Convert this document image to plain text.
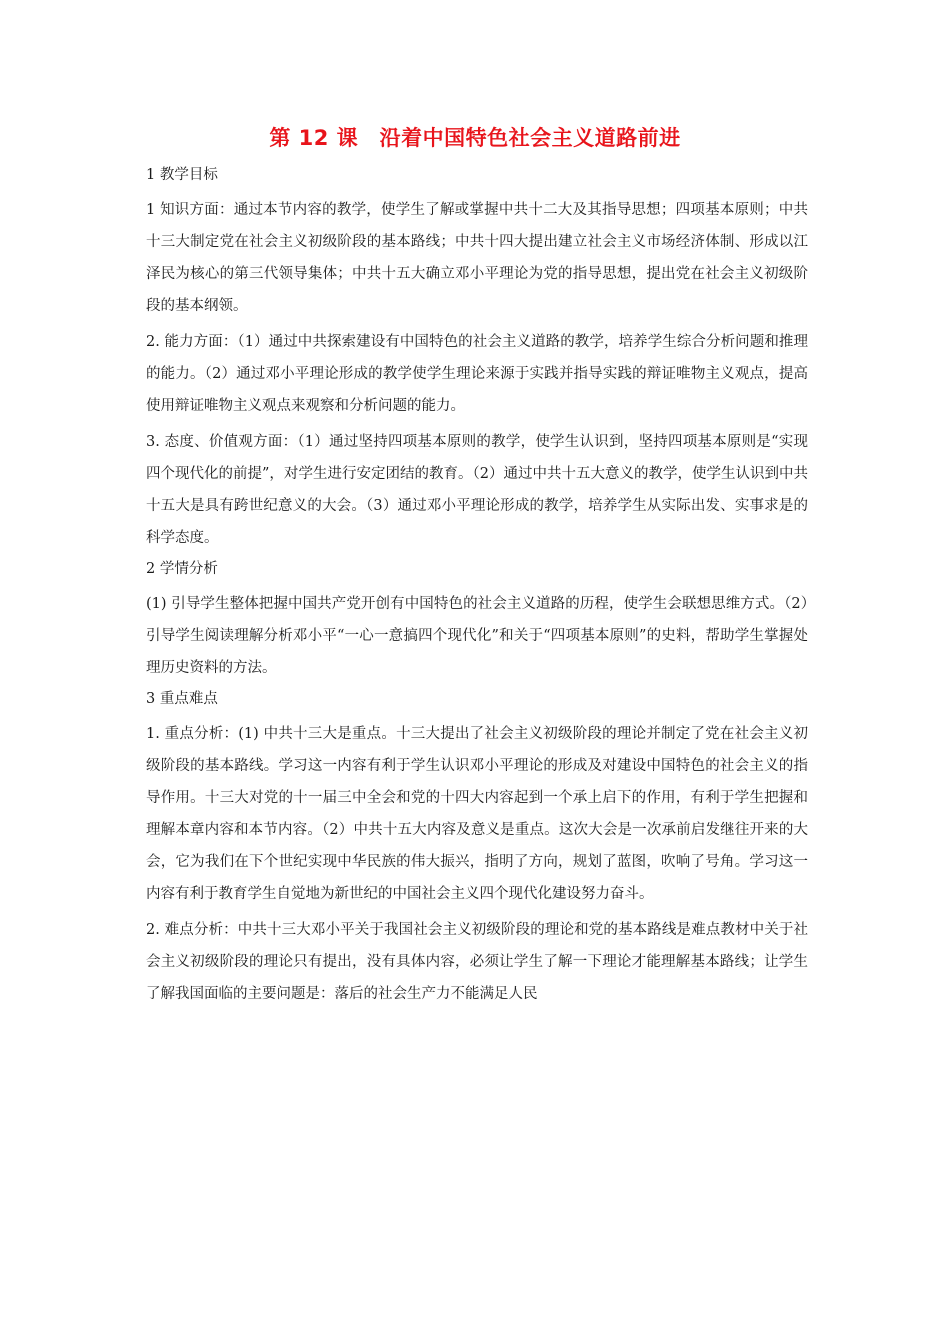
第 12 课　沿着中国特色社会主义道路前进
1 教学目标

1 知识方面：通过本节内容的教学，使学生了解或掌握中共十二大及其指导思想；四项基本原则；中共十三大制定党在社会主义初级阶段的基本路线；中共十四大提出建立社会主义市场经济体制、形成以江泽民为核心的第三代领导集体；中共十五大确立邓小平理论为党的指导思想，提出党在社会主义初级阶段的基本纲领。

2. 能力方面：（1）通过中共探索建设有中国特色的社会主义道路的教学，培养学生综合分析问题和推理的能力。（2）通过邓小平理论形成的教学使学生理论来源于实践并指导实践的辩证唯物主义观点，提高使用辩证唯物主义观点来观察和分析问题的能力。

3. 态度、价值观方面：（1）通过坚持四项基本原则的教学，使学生认识到，坚持四项基本原则是“实现四个现代化的前提”，对学生进行安定团结的教育。（2）通过中共十五大意义的教学，使学生认识到中共十五大是具有跨世纪意义的大会。（3）通过邓小平理论形成的教学，培养学生从实际出发、实事求是的科学态度。

2 学情分析

(1) 引导学生整体把握中国共产党开创有中国特色的社会主义道路的历程，使学生会联想思维方式。（2）引导学生阅读理解分析邓小平“一心一意搞四个现代化”和关于“四项基本原则”的史料，帮助学生掌握处理历史资料的方法。

3 重点难点

1. 重点分析：(1) 中共十三大是重点。十三大提出了社会主义初级阶段的理论并制定了党在社会主义初级阶段的基本路线。学习这一内容有利于学生认识邓小平理论的形成及对建设中国特色的社会主义的指导作用。十三大对党的十一届三中全会和党的十四大内容起到一个承上启下的作用，有利于学生把握和理解本章内容和本节内容。（2）中共十五大内容及意义是重点。这次大会是一次承前启发继往开来的大会，它为我们在下个世纪实现中华民族的伟大振兴，指明了方向，规划了蓝图，吹响了号角。学习这一内容有利于教育学生自觉地为新世纪的中国社会主义四个现代化建设努力奋斗。

2. 难点分析：中共十三大邓小平关于我国社会主义初级阶段的理论和党的基本路线是难点教材中关于社会主义初级阶段的理论只有提出，没有具体内容，必须让学生了解一下理论才能理解基本路线；让学生了解我国面临的主要问题是：落后的社会生产力不能满足人民
